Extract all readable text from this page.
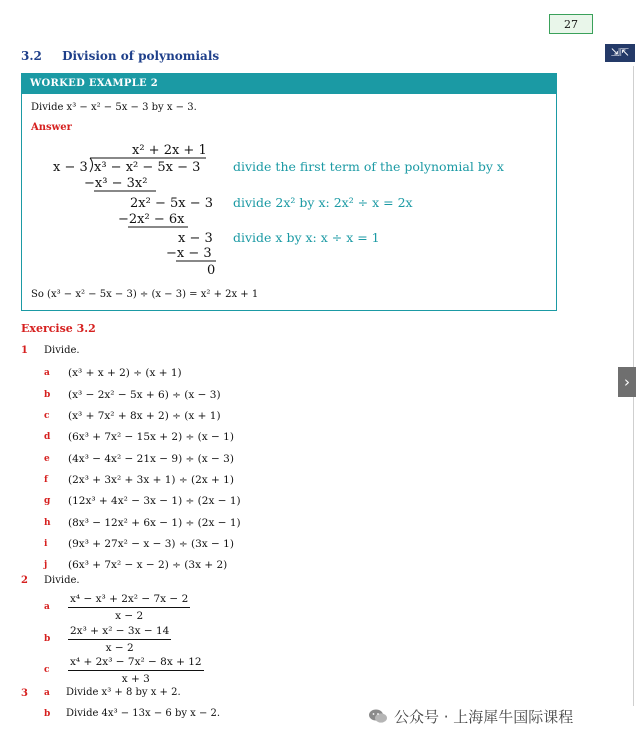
27
⇲⇱
›
3.2 Division of polynomials
WORKED EXAMPLE 2
Divide x³ − x² − 5x − 3 by x − 3.
Answer
x² + 2x + 1
x − 3 x³ − x² − 5x − 3
−x³ − 3x²
2x² − 5x − 3
−2x² − 6x
x − 3
−x − 3
0
divide the first term of the polynomial by x
divide 2x² by x: 2x² ÷ x = 2x
divide x by x: x ÷ x = 1
So (x³ − x² − 5x − 3) ÷ (x − 3) = x² + 2x + 1
Exercise 3.2
1 Divide.
a (x³ + x + 2) ÷ (x + 1)
b (x³ − 2x² − 5x + 6) ÷ (x − 3)
c (x³ + 7x² + 8x + 2) ÷ (x + 1)
d (6x³ + 7x² − 15x + 2) ÷ (x − 1)
e (4x³ − 4x² − 21x − 9) ÷ (x − 3)
f (2x³ + 3x² + 3x + 1) ÷ (2x + 1)
g (12x³ + 4x² − 3x − 1) ÷ (2x − 1)
h (8x³ − 12x² + 6x − 1) ÷ (2x − 1)
i (9x³ + 27x² − x − 3) ÷ (3x − 1)
j (6x³ + 7x² − x − 2) ÷ (3x + 2)
2 Divide.
a $\frac{\text{x⁴ − x³ + 2x² − 7x − 2}}{x - 2}$
b $\frac{\text{2x³ + x² − 3x − 14}}{x - 2}$
c $\frac{\text{x⁴ + 2x³ − 7x² − 8x + 12}}{x + 3}$
3 a Divide x³ + 8 by x + 2.
b Divide 4x³ − 13x − 6 by x − 2.	公众号 · 上海犀牛国际课程
